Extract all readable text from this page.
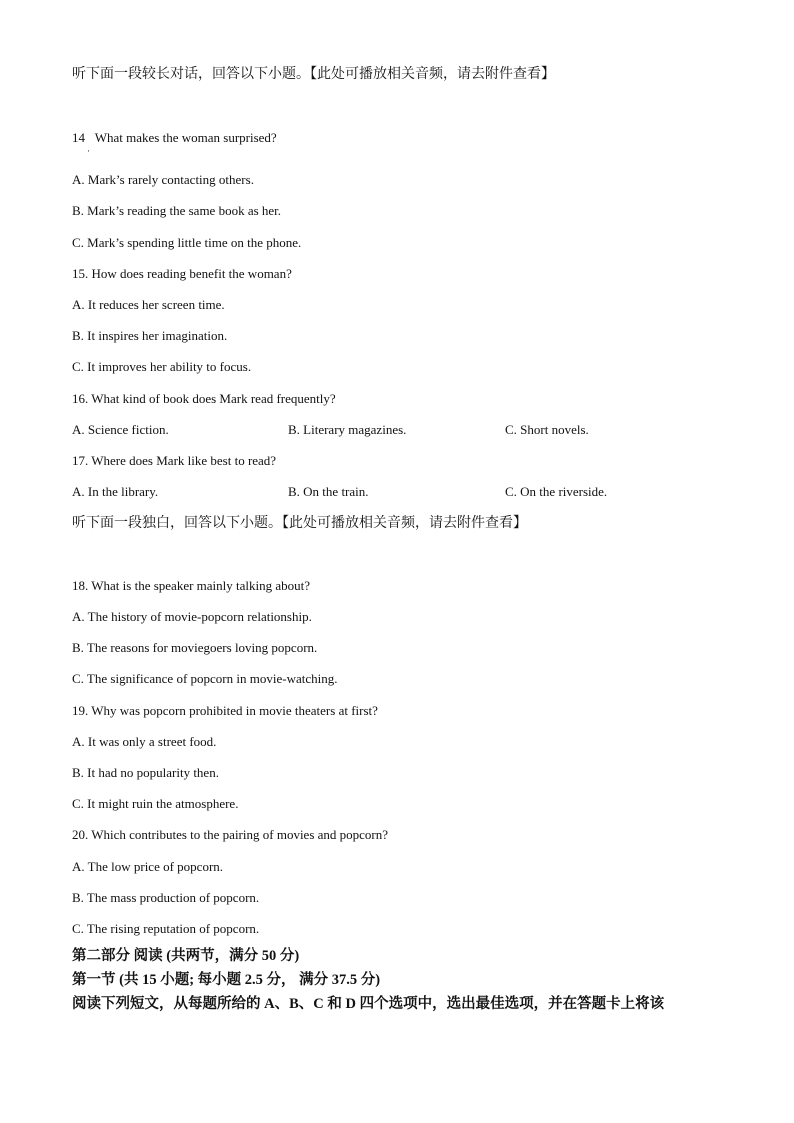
听下面一段较长对话，回答以下小题。【此处可播放相关音频，请去附件查看】
14 What makes the woman surprised?
·
A. Mark’s rarely contacting others.
B. Mark’s reading the same book as her.
C. Mark’s spending little time on the phone.
15. How does reading benefit the woman?
A. It reduces her screen time.
B. It inspires her imagination.
C. It improves her ability to focus.
16. What kind of book does Mark read frequently?
A. Science fiction.	B. Literary magazines.	C. Short novels.
17. Where does Mark like best to read?
A. In the library.	B. On the train.	C. On the riverside.
听下面一段独白，回答以下小题。【此处可播放相关音频，请去附件查看】
18. What is the speaker mainly talking about?
A. The history of movie-popcorn relationship.
B. The reasons for moviegoers loving popcorn.
C. The significance of popcorn in movie-watching.
19. Why was popcorn prohibited in movie theaters at first?
A. It was only a street food.
B. It had no popularity then.
C. It might ruin the atmosphere.
20. Which contributes to the pairing of movies and popcorn?
A. The low price of popcorn.
B. The mass production of popcorn.
C. The rising reputation of popcorn.
第二部分 阅读 (共两节，满分 50 分)
第一节 (共 15 小题; 每小题 2.5 分， 满分 37.5 分)
阅读下列短文，从每题所给的 A、B、C 和 D 四个选项中，选出最佳选项，并在答题卡上将该
